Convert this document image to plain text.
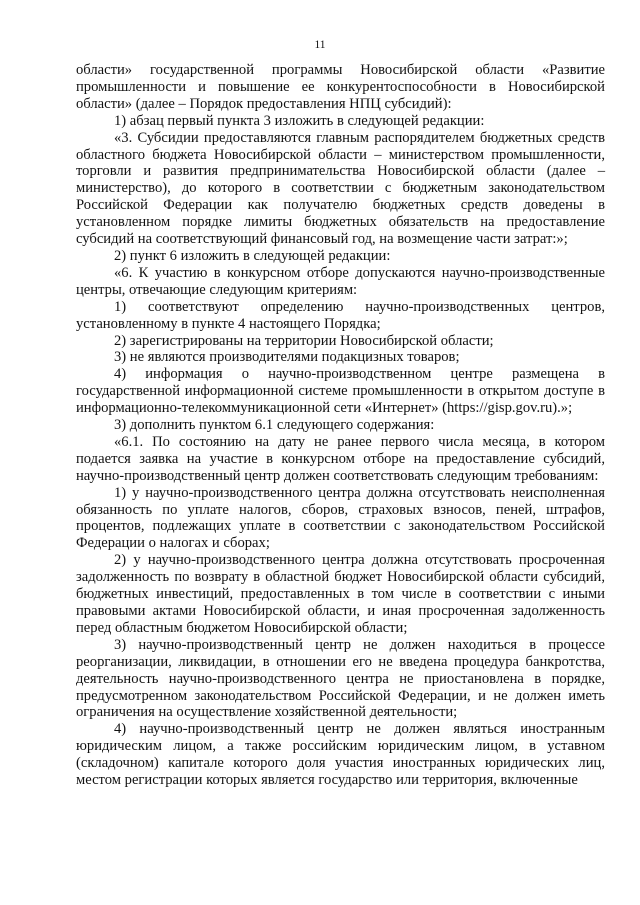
11

области» государственной программы Новосибирской области «Развитие промышленности и повышение ее конкурентоспособности в Новосибирской области» (далее – Порядок предоставления НПЦ субсидий):

1) абзац первый пункта 3 изложить в следующей редакции:

«3. Субсидии предоставляются главным распорядителем бюджетных средств областного бюджета Новосибирской области – министерством промышленности, торговли и развития предпринимательства Новосибирской области (далее – министерство), до которого в соответствии с бюджетным законодательством Российской Федерации как получателю бюджетных средств доведены в установленном порядке лимиты бюджетных обязательств на предоставление субсидий на соответствующий финансовый год, на возмещение части затрат:»;

2) пункт 6 изложить в следующей редакции:

«6. К участию в конкурсном отборе допускаются научно-производственные центры, отвечающие следующим критериям:

1) соответствуют определению научно-производственных центров, установленному в пункте 4 настоящего Порядка;

2) зарегистрированы на территории Новосибирской области;

3) не являются производителями подакцизных товаров;

4) информация о научно-производственном центре размещена в государственной информационной системе промышленности в открытом доступе в информационно-телекоммуникационной сети «Интернет» (https://gisp.gov.ru).»;

3) дополнить пунктом 6.1 следующего содержания:

«6.1. По состоянию на дату не ранее первого числа месяца, в котором подается заявка на участие в конкурсном отборе на предоставление субсидий, научно-производственный центр должен соответствовать следующим требованиям:

1) у научно-производственного центра должна отсутствовать неисполненная обязанность по уплате налогов, сборов, страховых взносов, пеней, штрафов, процентов, подлежащих уплате в соответствии с законодательством Российской Федерации о налогах и сборах;

2) у научно-производственного центра должна отсутствовать просроченная задолженность по возврату в областной бюджет Новосибирской области субсидий, бюджетных инвестиций, предоставленных в том числе в соответствии с иными правовыми актами Новосибирской области, и иная просроченная задолженность перед областным бюджетом Новосибирской области;

3) научно-производственный центр не должен находиться в процессе реорганизации, ликвидации, в отношении его не введена процедура банкротства, деятельность научно-производственного центра не приостановлена в порядке, предусмотренном законодательством Российской Федерации, и не должен иметь ограничения на осуществление хозяйственной деятельности;

4) научно-производственный центр не должен являться иностранным юридическим лицом, а также российским юридическим лицом, в уставном (складочном) капитале которого доля участия иностранных юридических лиц, местом регистрации которых является государство или территория, включенные
